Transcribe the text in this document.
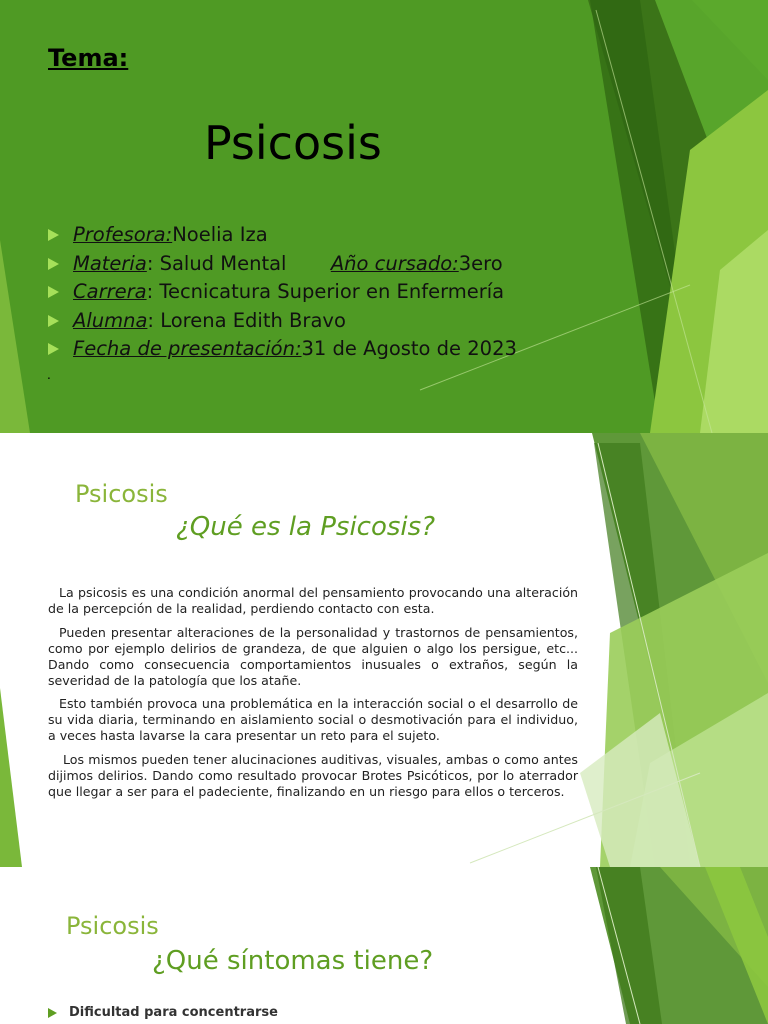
Tema:
Psicosis
Profesora: Noelia Iza
Materia : Salud Mental	Año cursado: 3ero
Carrera : Tecnicatura Superior en Enfermería
Alumna : Lorena Edith Bravo
Fecha de presentación: 31 de Agosto de 2023
.
Psicosis
¿Qué es la Psicosis?

La psicosis es una condición anormal del pensamiento provocando una alteración de la percepción de la realidad, perdiendo contacto con esta.

Pueden presentar alteraciones de la personalidad y trastornos de pensamientos, como por ejemplo delirios de grandeza, de que alguien o algo los persigue, etc... Dando como consecuencia comportamientos inusuales o extraños, según la severidad de la patología que los atañe.

Esto también provoca una problemática en la interacción social o el desarrollo de su vida diaria, terminando en aislamiento social o desmotivación para el individuo, a veces hasta lavarse la cara presentar un reto para el sujeto.

Los mismos pueden tener alucinaciones auditivas, visuales, ambas o como antes dijimos delirios. Dando como resultado provocar Brotes Psicóticos, por lo aterrador que llegar a ser para el padeciente, finalizando en un riesgo para ellos o terceros.

Psicosis
¿Qué síntomas tiene?
Dificultad para concentrarse
